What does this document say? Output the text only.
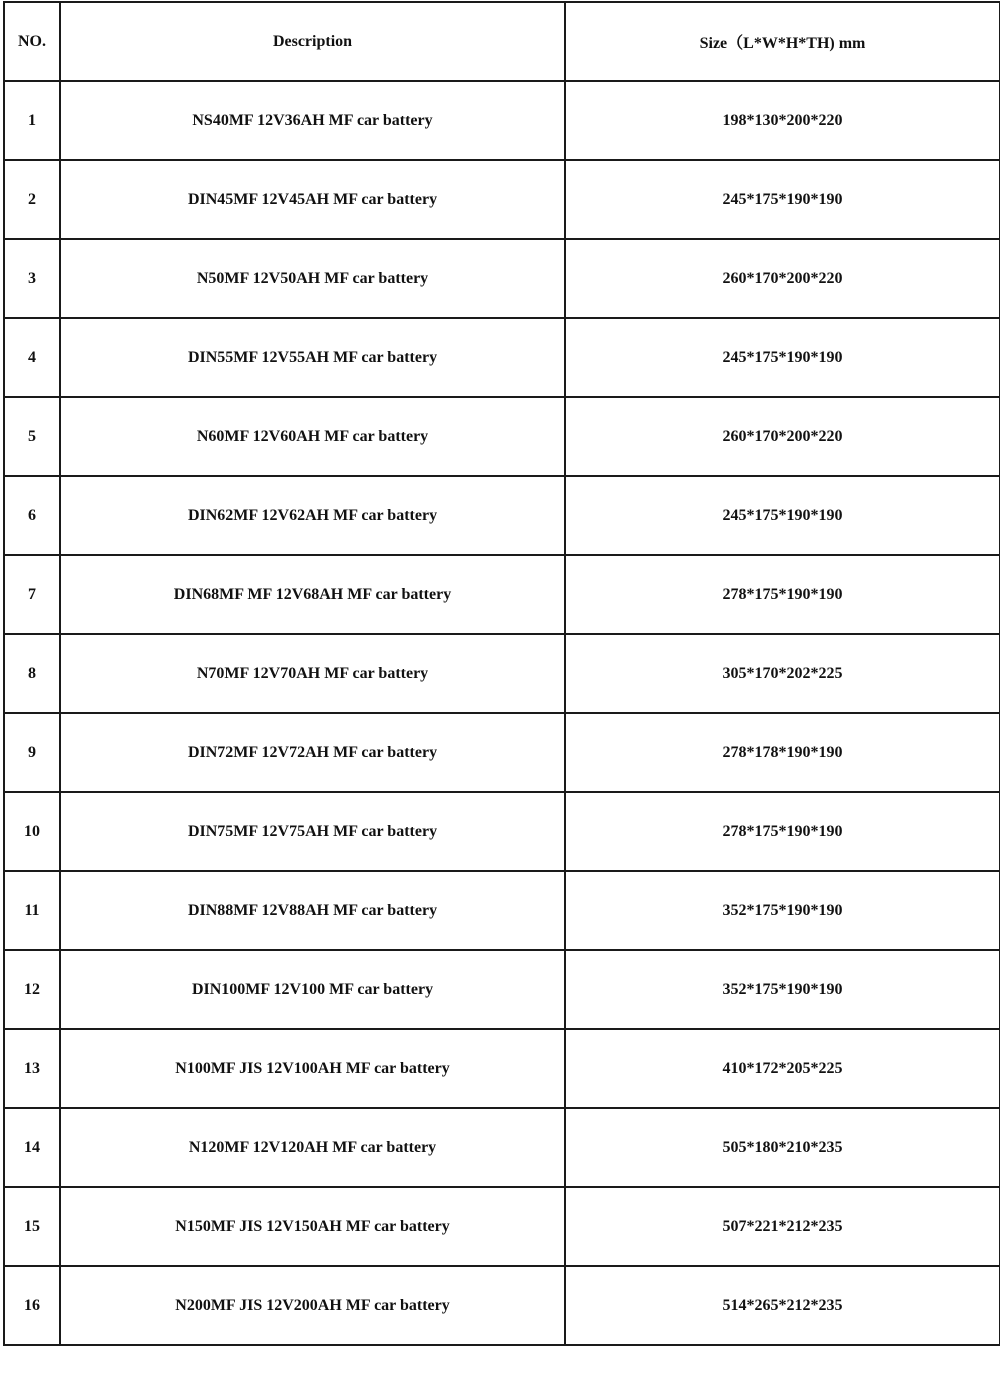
NO.	Description	Size（L*W*H*TH) mm
1	NS40MF 12V36AH MF car battery	198*130*200*220
2	DIN45MF 12V45AH MF car battery	245*175*190*190
3	N50MF 12V50AH MF car battery	260*170*200*220
4	DIN55MF 12V55AH MF car battery	245*175*190*190
5	N60MF 12V60AH MF car battery	260*170*200*220
6	DIN62MF 12V62AH MF car battery	245*175*190*190
7	DIN68MF MF 12V68AH MF car battery	278*175*190*190
8	N70MF 12V70AH MF car battery	305*170*202*225
9	DIN72MF 12V72AH MF car battery	278*178*190*190
10	DIN75MF 12V75AH MF car battery	278*175*190*190
11	DIN88MF 12V88AH MF car battery	352*175*190*190
12	DIN100MF 12V100 MF car battery	352*175*190*190
13	N100MF JIS 12V100AH MF car battery	410*172*205*225
14	N120MF 12V120AH MF car battery	505*180*210*235
15	N150MF JIS 12V150AH MF car battery	507*221*212*235
16	N200MF JIS 12V200AH MF car battery	514*265*212*235
